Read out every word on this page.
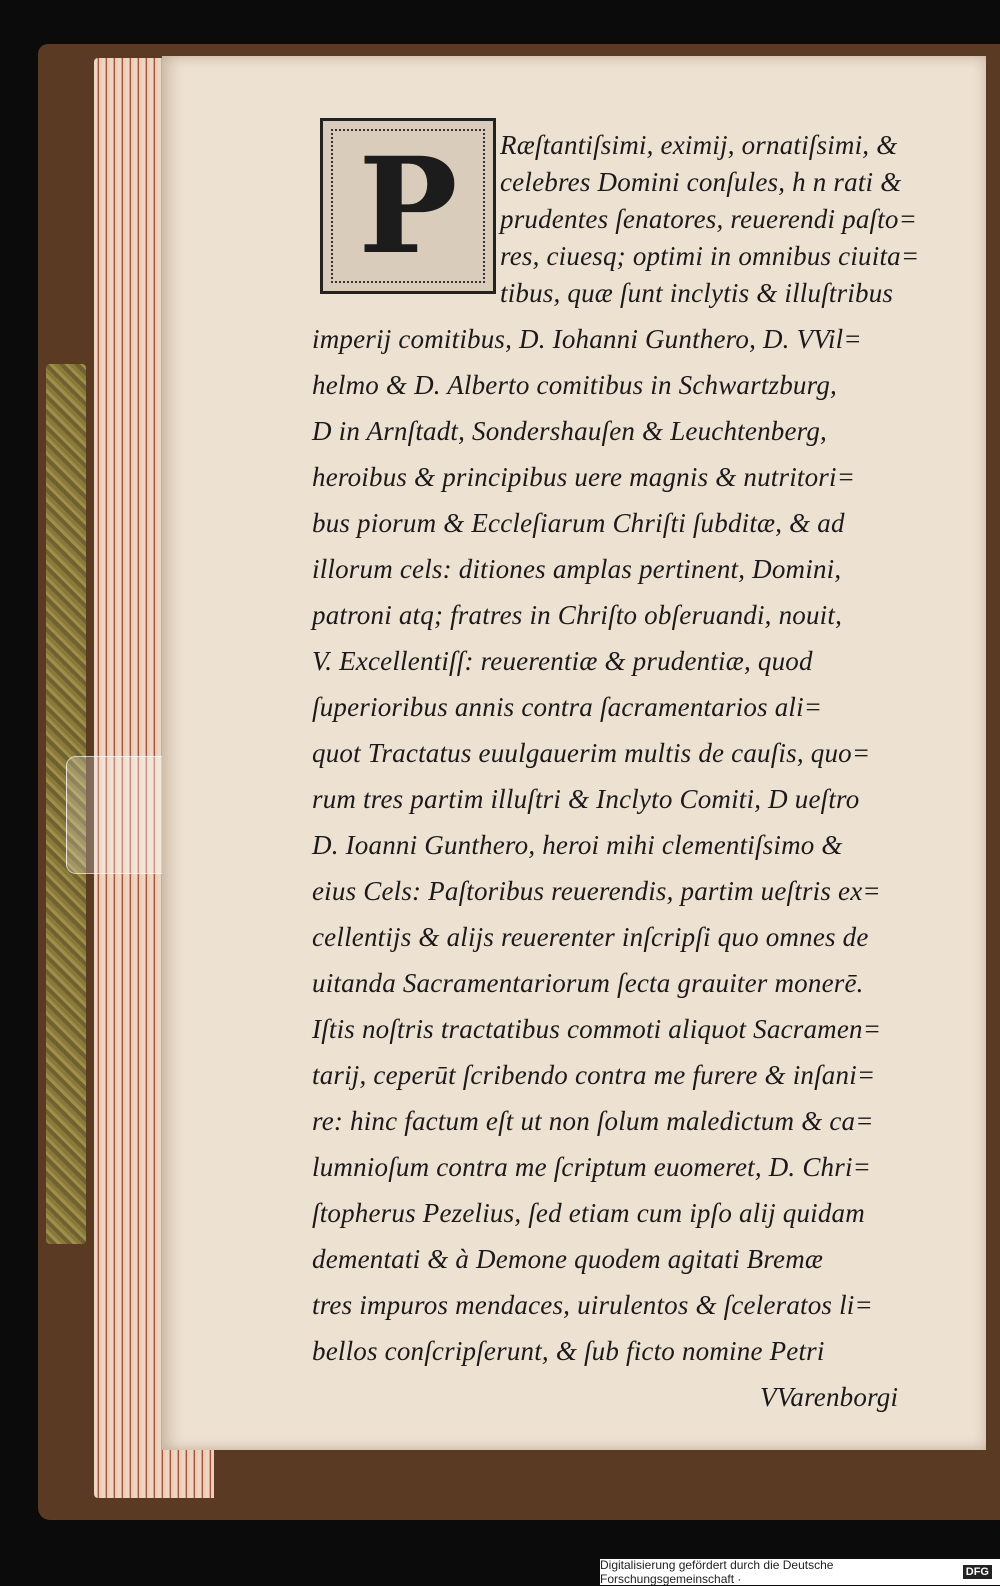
P	Ræſtantiſsimi, eximij, ornatiſsimi, &
celebres Domini conſules, h n rati &
prudentes ſenatores, reuerendi paſto=
res, ciuesq; optimi in omnibus ciuita=
tibus, quæ ſunt inclytis & illuſtribus
imperij comitibus, D. Iohanni Gunthero, D. VVil=
helmo & D. Alberto comitibus in Schwartzburg,
D in Arnſtadt, Sondershauſen & Leuchtenberg,
heroibus & principibus uere magnis & nutritori=
bus piorum & Eccleſiarum Chriſti ſubditæ, & ad
illorum cels: ditiones amplas pertinent, Domini,
patroni atq; fratres in Chriſto obſeruandi, nouit,
V. Excellentiſſ: reuerentiæ & prudentiæ, quod
ſuperioribus annis contra ſacramentarios ali=
quot Tractatus euulgauerim multis de cauſis, quo=
rum tres partim illuſtri & Inclyto Comiti, D ueſtro
D. Ioanni Gunthero, heroi mihi clementiſsimo &
eius Cels: Paſtoribus reuerendis, partim ueſtris ex=
cellentijs & alijs reuerenter inſcripſi quo omnes de
uitanda Sacramentariorum ſecta grauiter monerē.
Iſtis noſtris tractatibus commoti aliquot Sacramen=
tarij, ceperūt ſcribendo contra me furere & inſani=
re: hinc factum eſt ut non ſolum maledictum & ca=
lumnioſum contra me ſcriptum euomeret, D. Chri=
ſtopherus Pezelius, ſed etiam cum ipſo alij quidam
dementati & à Demone quodem agitati Bremæ
tres impuros mendaces, uirulentos & ſceleratos li=
bellos conſcripſerunt, & ſub ficto nomine Petri
VVarenborgi
Digitalisierung gefördert durch die Deutsche Forschungsgemeinschaft ·	DFG
